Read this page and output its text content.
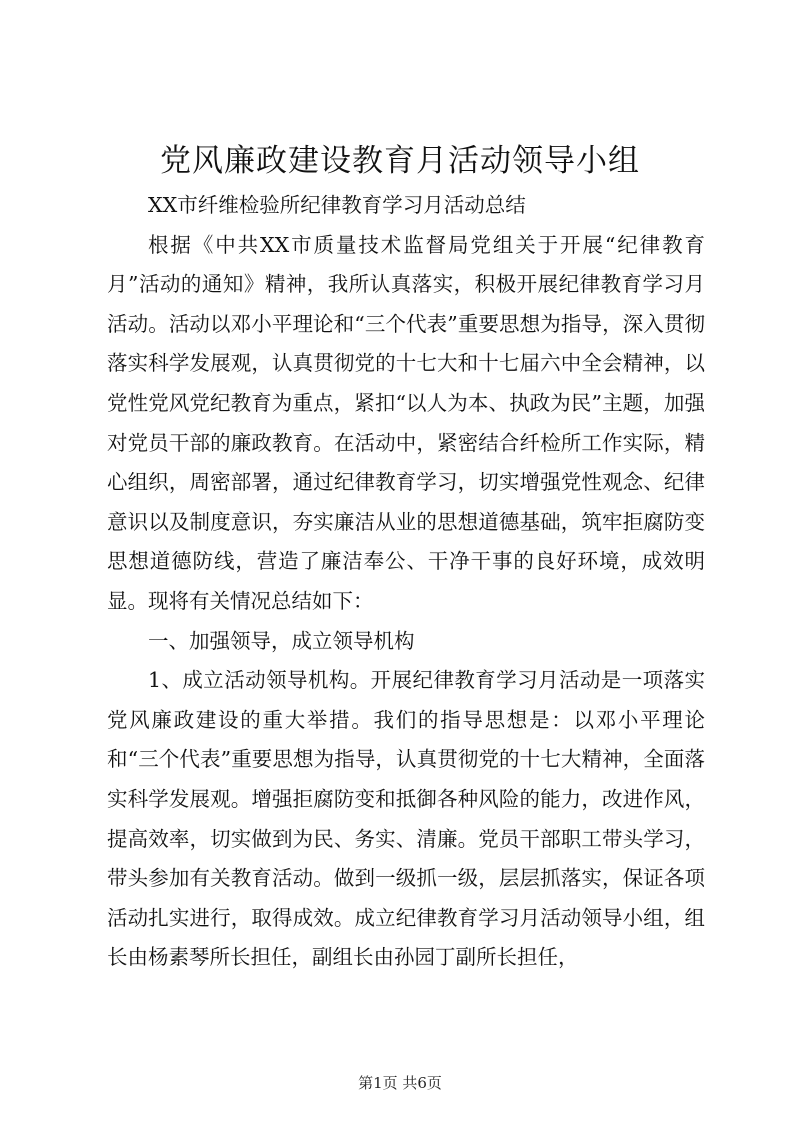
党风廉政建设教育月活动领导小组

XX市纤维检验所纪律教育学习月活动总结

根据《中共XX市质量技术监督局党组关于开展“纪律教育月”活动的通知》精神，我所认真落实，积极开展纪律教育学习月活动。活动以邓小平理论和“三个代表”重要思想为指导，深入贯彻落实科学发展观，认真贯彻党的十七大和十七届六中全会精神，以党性党风党纪教育为重点，紧扣“以人为本、执政为民”主题，加强对党员干部的廉政教育。在活动中，紧密结合纤检所工作实际，精心组织，周密部署，通过纪律教育学习，切实增强党性观念、纪律意识以及制度意识，夯实廉洁从业的思想道德基础，筑牢拒腐防变思想道德防线，营造了廉洁奉公、干净干事的良好环境，成效明显。现将有关情况总结如下：

一、加强领导，成立领导机构

1、成立活动领导机构。开展纪律教育学习月活动是一项落实党风廉政建设的重大举措。我们的指导思想是：以邓小平理论和“三个代表”重要思想为指导，认真贯彻党的十七大精神，全面落实科学发展观。增强拒腐防变和抵御各种风险的能力，改进作风，提高效率，切实做到为民、务实、清廉。党员干部职工带头学习，带头参加有关教育活动。做到一级抓一级，层层抓落实，保证各项活动扎实进行，取得成效。成立纪律教育学习月活动领导小组，组长由杨素琴所长担任，副组长由孙园丁副所长担任，

第1页 共6页
